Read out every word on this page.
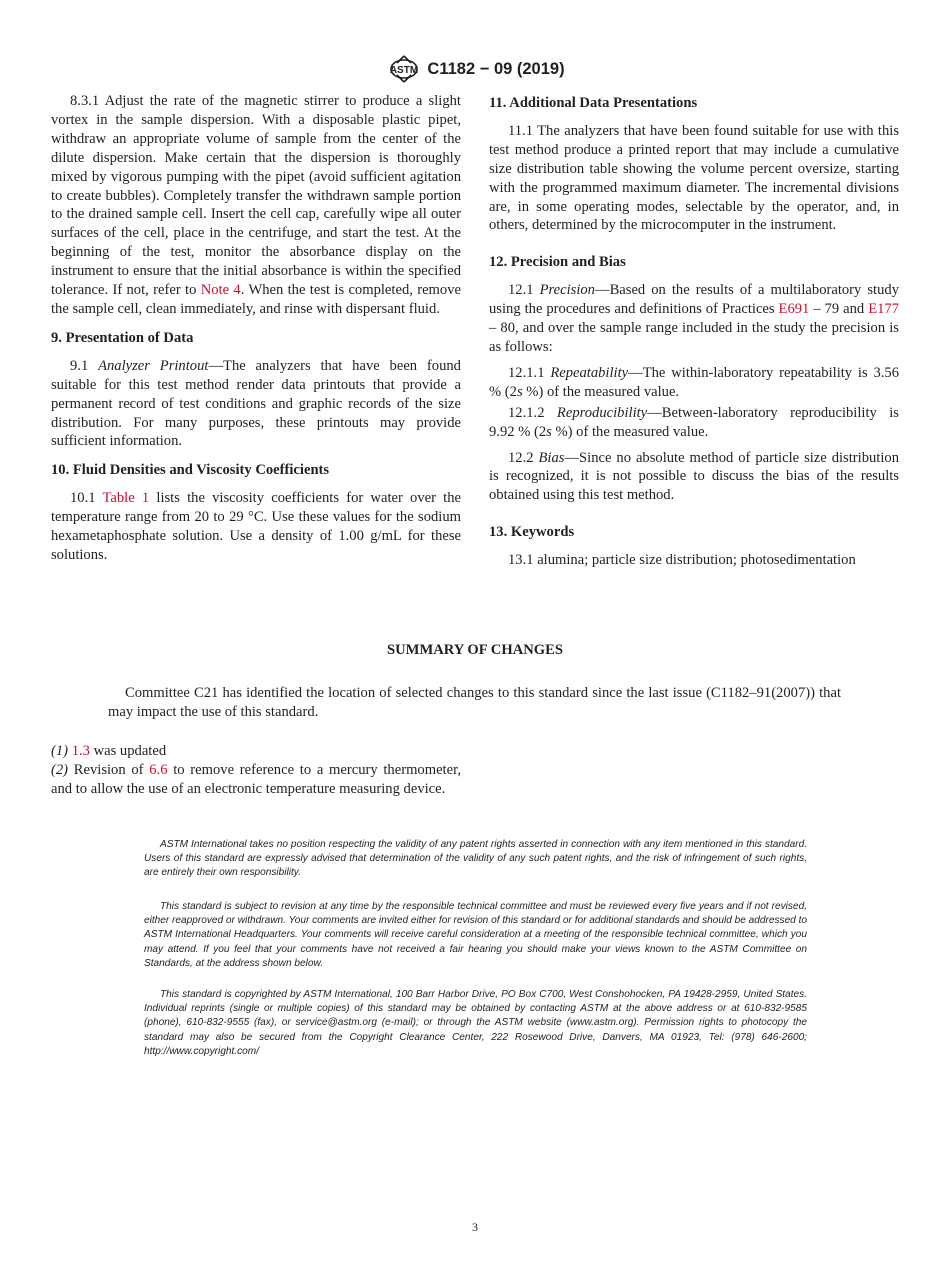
ASTM C1182 − 09 (2019)

8.3.1 Adjust the rate of the magnetic stirrer to produce a slight vortex in the sample dispersion. With a disposable plastic pipet, withdraw an appropriate volume of sample from the center of the dilute dispersion. Make certain that the dispersion is thoroughly mixed by vigorous pumping with the pipet (avoid sufficient agitation to create bubbles). Completely transfer the withdrawn sample portion to the drained sample cell. Insert the cell cap, carefully wipe all outer surfaces of the cell, place in the centrifuge, and start the test. At the beginning of the test, monitor the absorbance display on the instrument to ensure that the initial absorbance is within the specified tolerance. If not, refer to Note 4. When the test is completed, remove the sample cell, clean immediately, and rinse with dispersant fluid.

9. Presentation of Data

9.1 Analyzer Printout—The analyzers that have been found suitable for this test method render data printouts that provide a permanent record of test conditions and graphic records of the size distribution. For many purposes, these printouts may provide sufficient information.

10. Fluid Densities and Viscosity Coefficients

10.1 Table 1 lists the viscosity coefficients for water over the temperature range from 20 to 29 °C. Use these values for the sodium hexametaphosphate solution. Use a density of 1.00 g/mL for these solutions.

11. Additional Data Presentations

11.1 The analyzers that have been found suitable for use with this test method produce a printed report that may include a cumulative size distribution table showing the volume percent oversize, starting with the programmed maximum diameter. The incremental divisions are, in some operating modes, selectable by the operator, and, in others, determined by the microcomputer in the instrument.

12. Precision and Bias

12.1 Precision—Based on the results of a multilaboratory study using the procedures and definitions of Practices E691 – 79 and E177 – 80, and over the sample range included in the study the precision is as follows:

12.1.1 Repeatability—The within-laboratory repeatability is 3.56 % (2s %) of the measured value.

12.1.2 Reproducibility—Between-laboratory reproducibility is 9.92 % (2s %) of the measured value.

12.2 Bias—Since no absolute method of particle size distribution is recognized, it is not possible to discuss the bias of the results obtained using this test method.

13. Keywords

13.1 alumina; particle size distribution; photosedimentation

SUMMARY OF CHANGES

Committee C21 has identified the location of selected changes to this standard since the last issue (C1182–91(2007)) that may impact the use of this standard.

(1) 1.3 was updated
(2) Revision of 6.6 to remove reference to a mercury thermometer, and to allow the use of an electronic temperature measuring device.

ASTM International takes no position respecting the validity of any patent rights asserted in connection with any item mentioned in this standard. Users of this standard are expressly advised that determination of the validity of any such patent rights, and the risk of infringement of such rights, are entirely their own responsibility.

This standard is subject to revision at any time by the responsible technical committee and must be reviewed every five years and if not revised, either reapproved or withdrawn. Your comments are invited either for revision of this standard or for additional standards and should be addressed to ASTM International Headquarters. Your comments will receive careful consideration at a meeting of the responsible technical committee, which you may attend. If you feel that your comments have not received a fair hearing you should make your views known to the ASTM Committee on Standards, at the address shown below.

This standard is copyrighted by ASTM International, 100 Barr Harbor Drive, PO Box C700, West Conshohocken, PA 19428-2959, United States. Individual reprints (single or multiple copies) of this standard may be obtained by contacting ASTM at the above address or at 610-832-9585 (phone), 610-832-9555 (fax), or service@astm.org (e-mail); or through the ASTM website (www.astm.org). Permission rights to photocopy the standard may also be secured from the Copyright Clearance Center, 222 Rosewood Drive, Danvers, MA 01923, Tel: (978) 646-2600; http://www.copyright.com/

3
